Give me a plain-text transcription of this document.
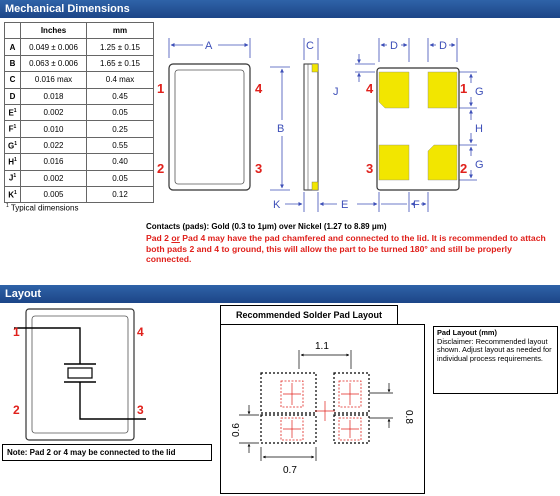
Mechanical Dimensions
	Inches	mm
A	0.049 ± 0.006	1.25 ± 0.15
B	0.063 ± 0.006	1.65 ± 0.15
C	0.016 max	0.4 max
D	0.018	0.45
$E^1$	0.002	0.05
$F^1$	0.010	0.25
$G^1$	0.022	0.55
$H^1$	0.016	0.40
$J^1$	0.002	0.05
$K^1$	0.005	0.12
$^1$ Typical dimensions
A
B
C	D	D
J	G
H
G
K	E	F
1	4
2	3
4	1
3	2
Contacts (pads): Gold (0.3 to 1μm) over Nickel (1.27 to 8.89 μm)
Pad 2 or Pad 4 may have the pad chamfered and connected to the lid. It is recommended to attach both pads 2 and 4 to ground, this will allow the part to be turned 180° and still be properly connected.
Layout
1	4
2	3
Note: Pad 2 or 4 may be connected to the lid
Recommended Solder Pad Layout
1.1
0.8
0.6
0.7
Pad Layout (mm)
Disclaimer: Recommended layout shown. Adjust layout as needed for individual process requirements.
